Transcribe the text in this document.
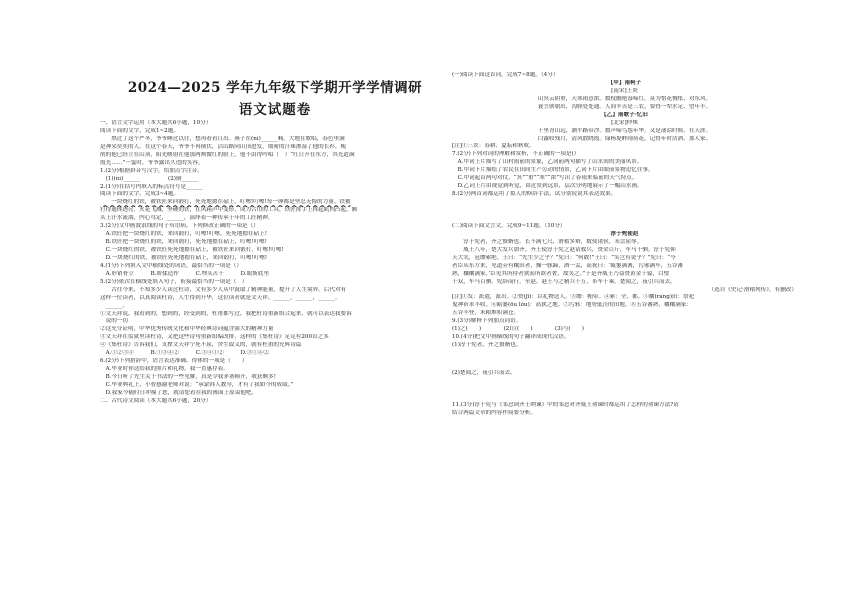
2024—2025 学年九年级下学期开学学情调研
语文试题卷
一、语言文字运用（本大题共6小题，10分）
阅读下面的文字，完成1~2题。
　　熬过了这个严冬，爷爷睡过以往，想再看看日出。燕子在(ní)______喃，大地在歌唱，春色里满
是神采奕奕的人。在这个春天，爷爷不再倒伏，活山路向山顶进发，细密的汗珠渗湿了他的长衫，瘦
削的他已经立在山顶，阳光映射在他那两颊微红的脸上，他不由得吟唱（　）“红日升在东方，其光道满
霞光……”一霎时，爷爷露出久违的笑容。
1.(2分)根据拼音写汉字，给加点字注音。
　(1)(ní)______　　　　　(2)倒______
2.(1分)在括号内填入的标点符号是______
阅读下面的文字，完成3~4题。
　　一块烧红的铁，被铁匠来回锻打，死死地摁在砧上，叮嚓!叮嚓!每一锤都是坚忍无悔的力量。铁被
打得通体透亮，火花飞溅，坚硬的铁，在风箱声中变形，成为合用的工具，铁匠挥手上挥起肌肉凸起，额
头上汗水流淌，内心笃定，______，演绎着一种传承千年的工匠精神。
3.(2分)文中画波浪线的句子有语病，下列修改正确的一项是（）
　A.铁匠把一块烧红的铁，来回锻打，叮嚓!叮嚓，死死地摁在砧上!
　B.铁匠把一块烧红的铁，来回锻打，死死地摁在砧上，叮嚓!叮嚓!
　C.一块烧红的铁，被铁匠死死地摁在砧上，被铁匠来回锻打，叮嚓!叮嚓!
　D.一块烧红的铁，被铁匠死死地摁在砧上，来回锻打，叮嚓!叮嚓!
4.(1分)下列填入文中横线处的词语，最恰当的一项是（）
　A.形销骨立　　　B.娇揉造作　　　C.埋头苦干　　　D.眼斯底里
5.(2分)依次在横线处填入句子，衔接最恰当的一项是（　）
　　古往今来，不知多少人读过杜诗，文有多少人从中汲取了精神能量，提升了人生境界。后代对有
这样一位读者，以真阅读杜诗，人生得到升华，这位读者就是文天祥。______，______，______。
　______。
①文天祥说，我看到的，想到的，经受到的，杜甫都写过，我把杜诗重新组合起来，就可以表达我要诉
　说的一切
②这充分证明，中华优秀传统文化和中华经典诗词蕴含强大的精神力量
③文天祥在监狱里读杜诗，又把这些诗句重新组编改排，这样的《集杜诗》足足有200首之多
④《集杜诗》告诉我们，支撑文天祥宁死不屈，舍生取义的，就有杜甫的充辉诗篇
　A.①②③④　　　B.①③④②　　　C.③④①②　　　D.③①④②
6.(2分)下列措辞中，语言表达准确、得体的一项是（　　）
　A.毕业时你送给我的照片和礼物，我一直惠存着。
　B.今日听了先生关于书法的一些见解，真是令我茅塞顿开，收获颇多!
　C.毕业典礼上，小智感谢老师对说：“承蒙韩人教导，才有了我如今的成绩。”
　D.我家今随时日冲撞了您，就请您看在我的薄面上原谅他吧。
二、古代诗文阅读（本大题共6小题，20分）
(一)阅读下面这首词，完成7~8题。（4分）
【甲】南柯子
[南宋]王炎
山冥云阴重，天寒雨意浓。数枝幽艳湿啼红。莫为惜花惆怅、对东风。
蓑笠朝朝出，沟塍处处通。人间辛苦是三农。要得一犁水足、望年丰。
【乙】南歌子·忆旧
[北宋]仲殊
十里青山远，潮平路带沙。数声啼鸟怨年华。又是凄凉时候、在天涯。
白露收残月，清风散晓霞。绿杨堤畔闹荷花。记得年时沽酒、那人家。
[注]①三农：春耕、夏耘和秋收。
7.(2分)下列对词的理解和赏析，不正确的一项是(）
　A.甲词上片描写了山村雨前的景象，乙词前两句描写了山水间的美丽风景。
　B.甲词下片描绘了农民在田间生产劳动的情景，乙词下片由眼前景物追忆往事。
　C.甲词起首两句对仗，“冥”“重”“寒”“浓”写出了春雨来临前的天气特点。
　D.乙词上片由视觉到听觉，由近景到远景，层次分明地展示了一幅山水画。
8.(2分)两首词都运用了拟人的修辞手法，试分别说说其表达效果。
(二)阅读下面文言文，完成9~11题。（10分）
淳于髡使赵
　　淳于髡者，齐之赘婿也。长不满七尺，滑稽多辩，数使诸侯，未尝屈辱。
　　威王八年，楚大发兵加齐。齐王使淳于髡之赵请救兵，赍金百斤，车马十驷。淳于髡仰
天大笑，冠缨索绝。王曰：“先生少之乎？”髡曰：“何敢!”王曰：“笑岂有说乎？”髡曰：“今
者臣从东方来，见道旁有穰田者，操一豚蹄，酒一盂，而祝曰：‘瓯窭满篝，污邪满车，五谷蕃
熟，穰穰满家。’臣见其所持者狭而所欲者奢，故笑之。”于是齐威王乃益赍黄金千镒，白璧
十双，车马百驷。髡辞而行，至赵。赵王与之精兵十万，革车千乘。楚闻之，夜引兵而去。
（选自《史记·滑稽列传》，有删改）
[注]①发：派遣，派出。②赍(jī)：以礼物送人。③缨：帽带。④索：全，都。⑤穰(ráng)田：祭祀
鬼神祈求丰收。⑥瓯窭(ōu lóu)：高狭之地。⑦污邪：地势低洼的田地。⑧五谷蕃熟，穰穰满家：
五谷丰登，米粮堆积满仓。
9.(3分)解释下列加点词语。
(1)之(　　)　　　　(2)宣(　　)　　　　(3)与(　　)
10.(4分)把文中画横线的句子翻译成现代汉语。
(1)淳于髡者，齐之赘婿也。
(2)楚闻之，夜引兵而去。
11.(3分)淳于髡与《邹忌讽齐王纳谏》中的邹忌对齐威王劝谏时都运用了怎样的劝谏方法?请
结合两篇文章的内容作简要分析。
